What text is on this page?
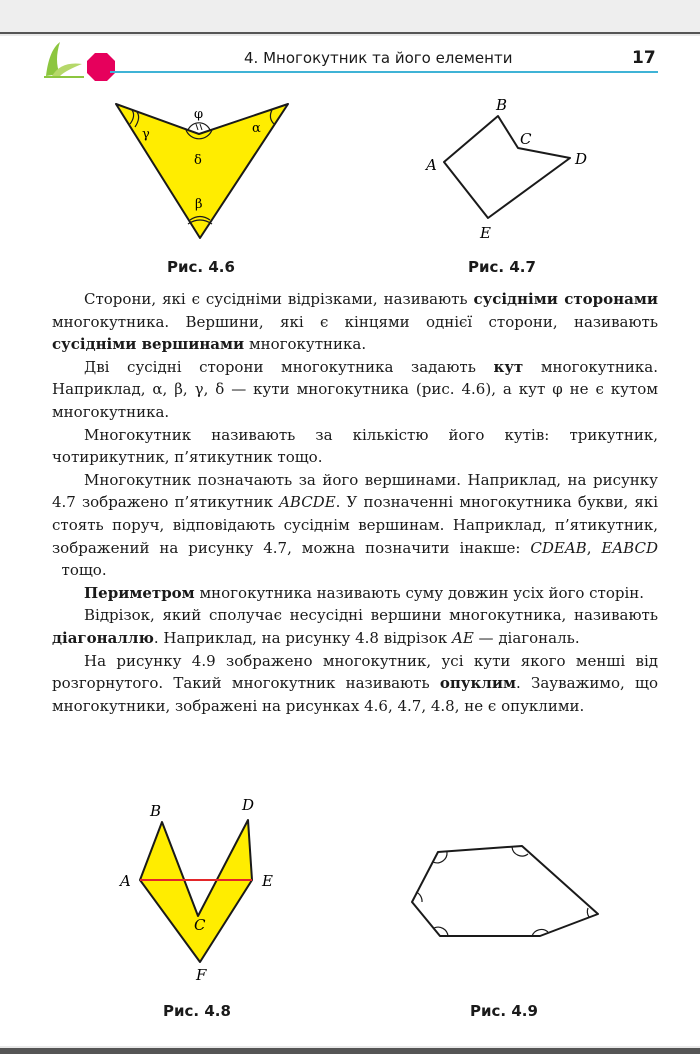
4. Многокутник та його елементи	17
φ
γ	α
δ
β
Рис. 4.6
B
C
A	D
E
Рис. 4.7

Сторони, які є сусідніми відрізками, називають сусідніми сторонами многокутника. Вершини, які є кінцями однієї сторони, називають сусідніми вершинами многокутника.

Дві сусідні сторони многокутника задають кут многокутника. Наприклад, α, β, γ, δ — кути многокутника (рис. 4.6), а кут φ не є кутом многокутника.

Многокутник називають за кількістю його кутів: трикутник, чотирикутник, п’ятикутник тощо.

Многокутник позначають за його вершинами. Наприклад, на рисунку 4.7 зображено п’ятикутник ABCDE. У позначенні многокутника букви, які стоять поруч, відповідають сусіднім вершинам. Наприклад, п’ятикутник, зображений на рисунку 4.7, можна позначити інакше: CDEAB, EABCD  тощо.

Периметром многокутника називають суму довжин усіх його сторін.

Відрізок, який сполучає несусідні вершини многокутника, називають діагоналлю. Наприклад, на рисунку 4.8 відрізок AE — діагональ.

На рисунку 4.9 зображено многокутник, усі кути якого менші від розгорнутого. Такий многокутник називають опуклим. Зауважимо, що многокутники, зображені на рисунках 4.6, 4.7, 4.8, не є опуклими.

B	D
A	E
C
F
Рис. 4.8	Рис. 4.9
